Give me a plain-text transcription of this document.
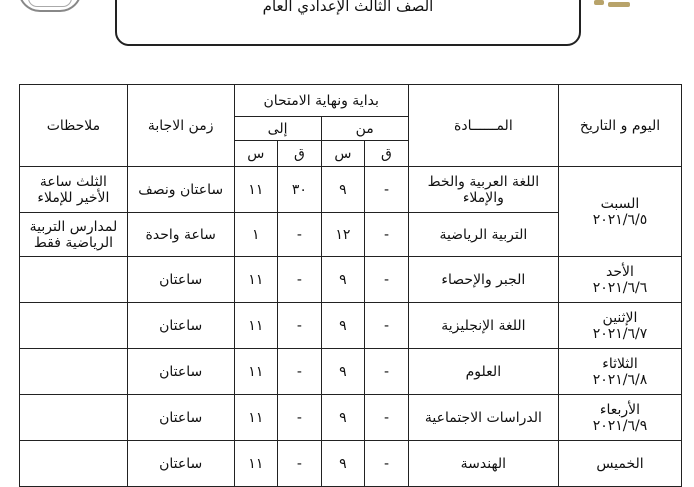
الصف الثالث الإعدادي العام
اليوم و التاريخ	المــــــادة	بداية ونهاية الامتحان				زمن الاجابة	ملاحظات
		من		إلى			
		ق	س	ق	س		

السبت
٢٠٢١/٦/٥	اللغة العربية والخط والإملاء	-	٩	٣٠	١١	ساعتان ونصف	الثلث ساعة الأخير للإملاء
	التربية الرياضية	-	١٢	-	١	ساعة واحدة	لمدارس التربية الرياضية فقط

الأحد
٢٠٢١/٦/٦	الجبر والإحصاء	-	٩	-	١١	ساعتان	

الإثنين
٢٠٢١/٦/٧	اللغة الإنجليزية	-	٩	-	١١	ساعتان	

الثلاثاء
٢٠٢١/٦/٨	العلوم	-	٩	-	١١	ساعتان	

الأربعاء
٢٠٢١/٦/٩	الدراسات الاجتماعية	-	٩	-	١١	ساعتان	

الخميس	الهندسة	-	٩	-	١١	ساعتان	
